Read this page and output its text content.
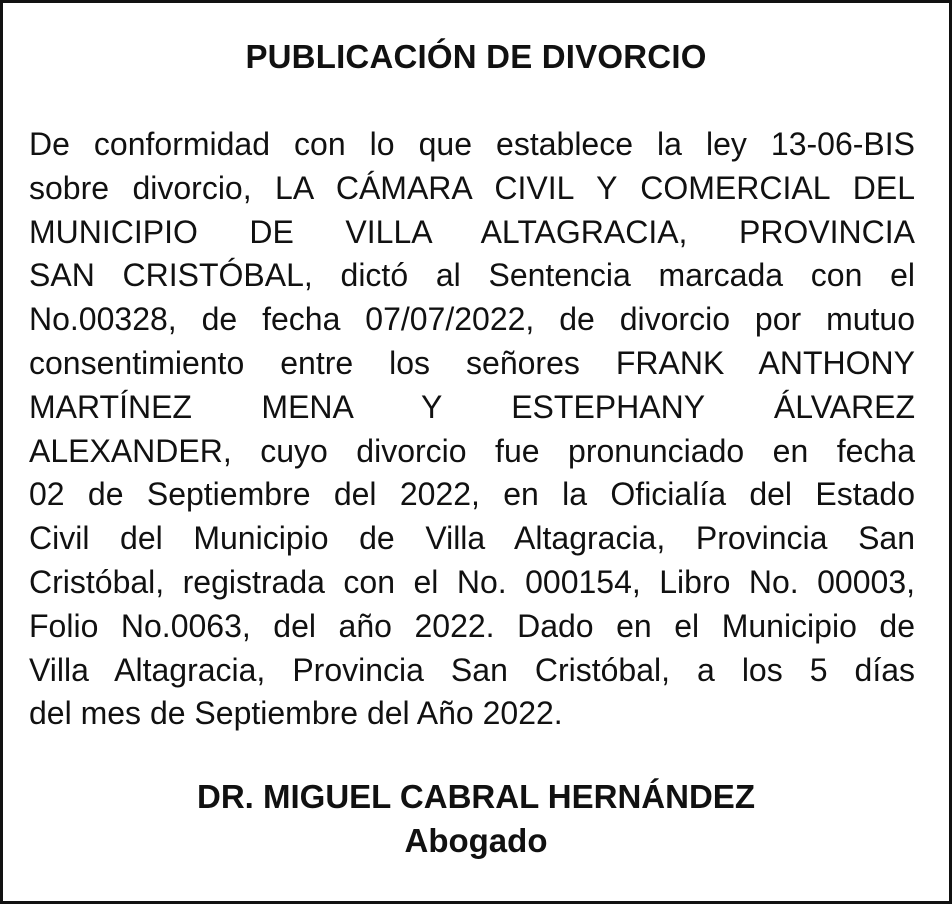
PUBLICACIÓN DE DIVORCIO
De conformidad con lo que establece la ley 13-06-BIS
sobre divorcio, LA CÁMARA CIVIL Y COMERCIAL DEL
MUNICIPIO DE VILLA ALTAGRACIA, PROVINCIA
SAN CRISTÓBAL, dictó al Sentencia marcada con el
No.00328, de fecha 07/07/2022, de divorcio por mutuo
consentimiento entre los señores FRANK ANTHONY
MARTÍNEZ MENA Y ESTEPHANY ÁLVAREZ
ALEXANDER, cuyo divorcio fue pronunciado en fecha
02 de Septiembre del 2022, en la Oficialía del Estado
Civil del Municipio de Villa Altagracia, Provincia San
Cristóbal, registrada con el No. 000154, Libro No. 00003,
Folio No.0063, del año 2022. Dado en el Municipio de
Villa Altagracia, Provincia San Cristóbal, a los 5 días
del mes de Septiembre del Año 2022.
DR. MIGUEL CABRAL HERNÁNDEZ
Abogado
